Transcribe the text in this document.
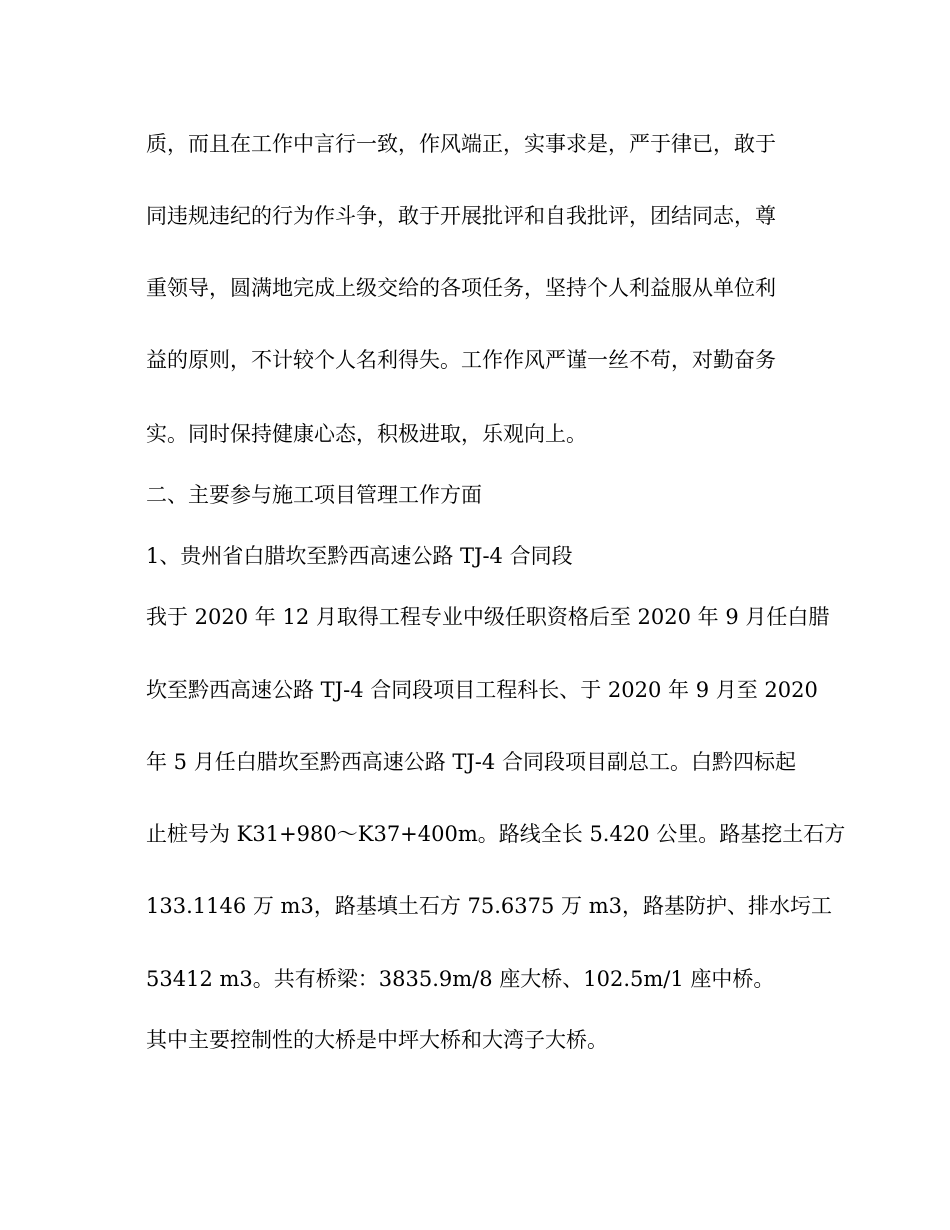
质，而且在工作中言行一致，作风端正，实事求是，严于律已，敢于
同违规违纪的行为作斗争，敢于开展批评和自我批评，团结同志，尊
重领导，圆满地完成上级交给的各项任务，坚持个人利益服从单位利
益的原则，不计较个人名利得失。工作作风严谨一丝不苟，对勤奋务
实。同时保持健康心态，积极进取，乐观向上。
二、主要参与施工项目管理工作方面
1、贵州省白腊坎至黔西高速公路 TJ-4 合同段
我于 2020 年 12 月取得工程专业中级任职资格后至 2020 年 9 月任白腊
坎至黔西高速公路 TJ-4 合同段项目工程科长、于 2020 年 9 月至 2020
年 5 月任白腊坎至黔西高速公路 TJ-4 合同段项目副总工。白黔四标起
止桩号为 K31+980～K37+400m。路线全长 5.420 公里。路基挖土石方
133.1146 万 m3，路基填土石方 75.6375 万 m3，路基防护、排水圬工
53412 m3。共有桥梁：3835.9m/8 座大桥、102.5m/1 座中桥。
其中主要控制性的大桥是中坪大桥和大湾子大桥。
